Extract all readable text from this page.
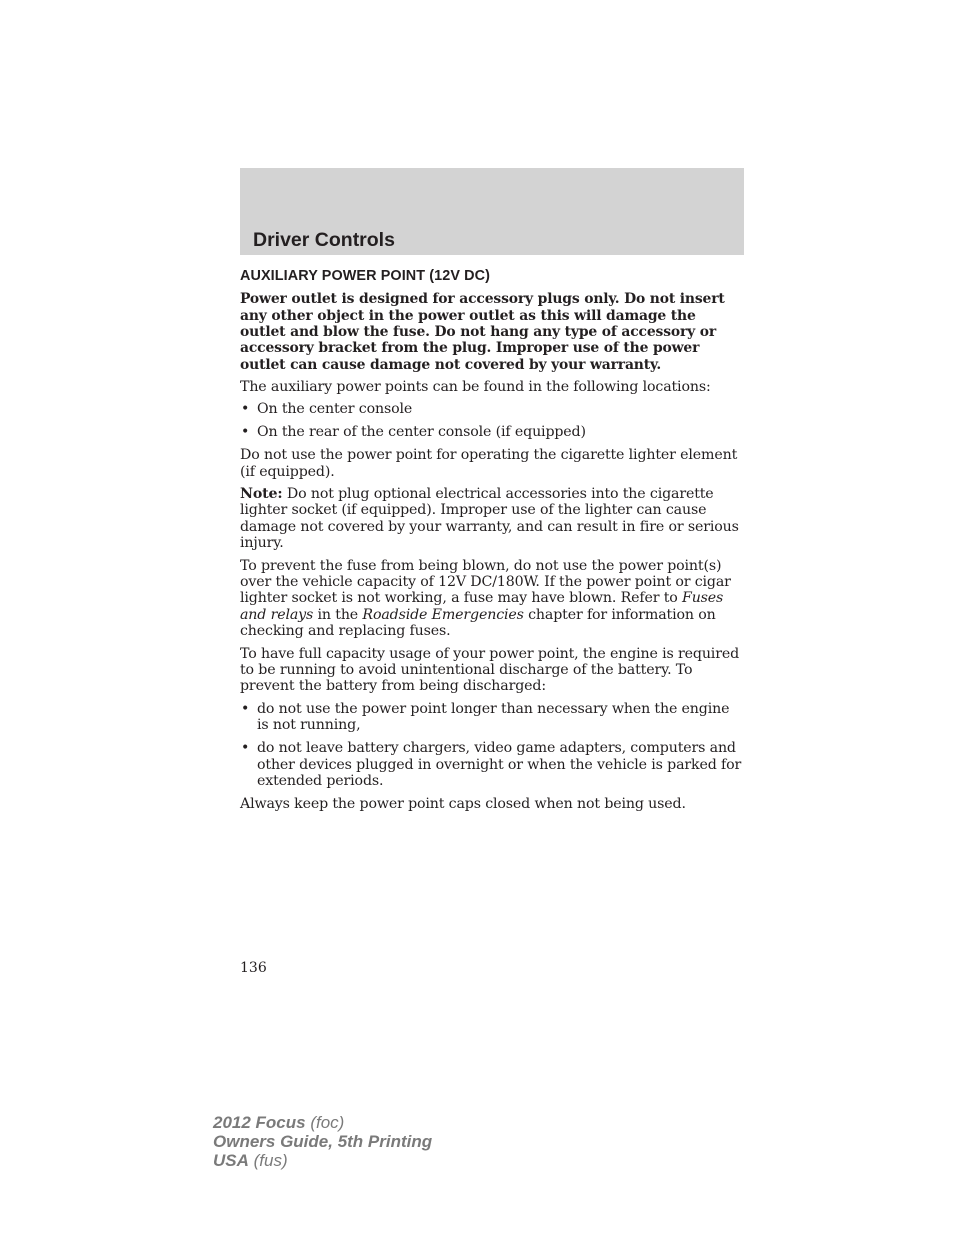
Driver Controls
AUXILIARY POWER POINT (12V DC)

Power outlet is designed for accessory plugs only. Do not insert any other object in the power outlet as this will damage the outlet and blow the fuse. Do not hang any type of accessory or accessory bracket from the plug. Improper use of the power outlet can cause damage not covered by your warranty.

The auxiliary power points can be found in the following locations:

• On the center console
• On the rear of the center console (if equipped)

Do not use the power point for operating the cigarette lighter element (if equipped).

Note: Do not plug optional electrical accessories into the cigarette lighter socket (if equipped). Improper use of the lighter can cause damage not covered by your warranty, and can result in fire or serious injury.

To prevent the fuse from being blown, do not use the power point(s) over the vehicle capacity of 12V DC/180W. If the power point or cigar lighter socket is not working, a fuse may have blown. Refer to Fuses and relays in the Roadside Emergencies chapter for information on checking and replacing fuses.

To have full capacity usage of your power point, the engine is required to be running to avoid unintentional discharge of the battery. To prevent the battery from being discharged:

• do not use the power point longer than necessary when the engine is not running,
• do not leave battery chargers, video game adapters, computers and other devices plugged in overnight or when the vehicle is parked for extended periods.

Always keep the power point caps closed when not being used.

136
2012 Focus (foc)
Owners Guide, 5th Printing
USA (fus)
